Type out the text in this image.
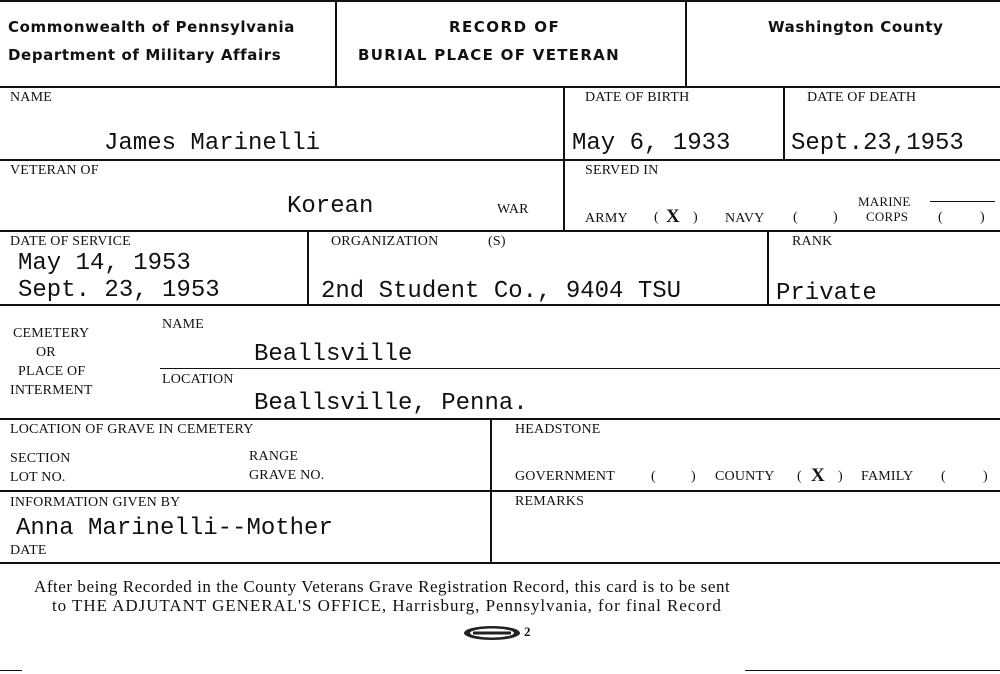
Commonwealth of Pennsylvania
Department of Military Affairs
RECORD OF
BURIAL PLACE OF VETERAN
Washington County
NAME
James Marinelli
DATE OF BIRTH
May 6, 1933
DATE OF DEATH
Sept.23,1953
VETERAN OF
Korean	WAR
SERVED IN
ARMY ( X ) NAVY (	)
MARINE
CORPS (	)
DATE OF SERVICE
May 14, 1953
Sept. 23, 1953
ORGANIZATION	(S)
2nd Student Co., 9404 TSU
RANK
Private
CEMETERY
OR
PLACE OF
INTERMENT
NAME
Beallsville
LOCATION
Beallsville, Penna.
LOCATION OF GRAVE IN CEMETERY
SECTION	RANGE
LOT NO.	GRAVE NO.
HEADSTONE
GOVERNMENT	(	) COUNTY ( X ) FAMILY (	)
INFORMATION GIVEN BY
Anna Marinelli--Mother
DATE
REMARKS
After being Recorded in the County Veterans Grave Registration Record, this card is to be sent
to THE ADJUTANT GENERAL'S OFFICE, Harrisburg, Pennsylvania, for final Record
2
